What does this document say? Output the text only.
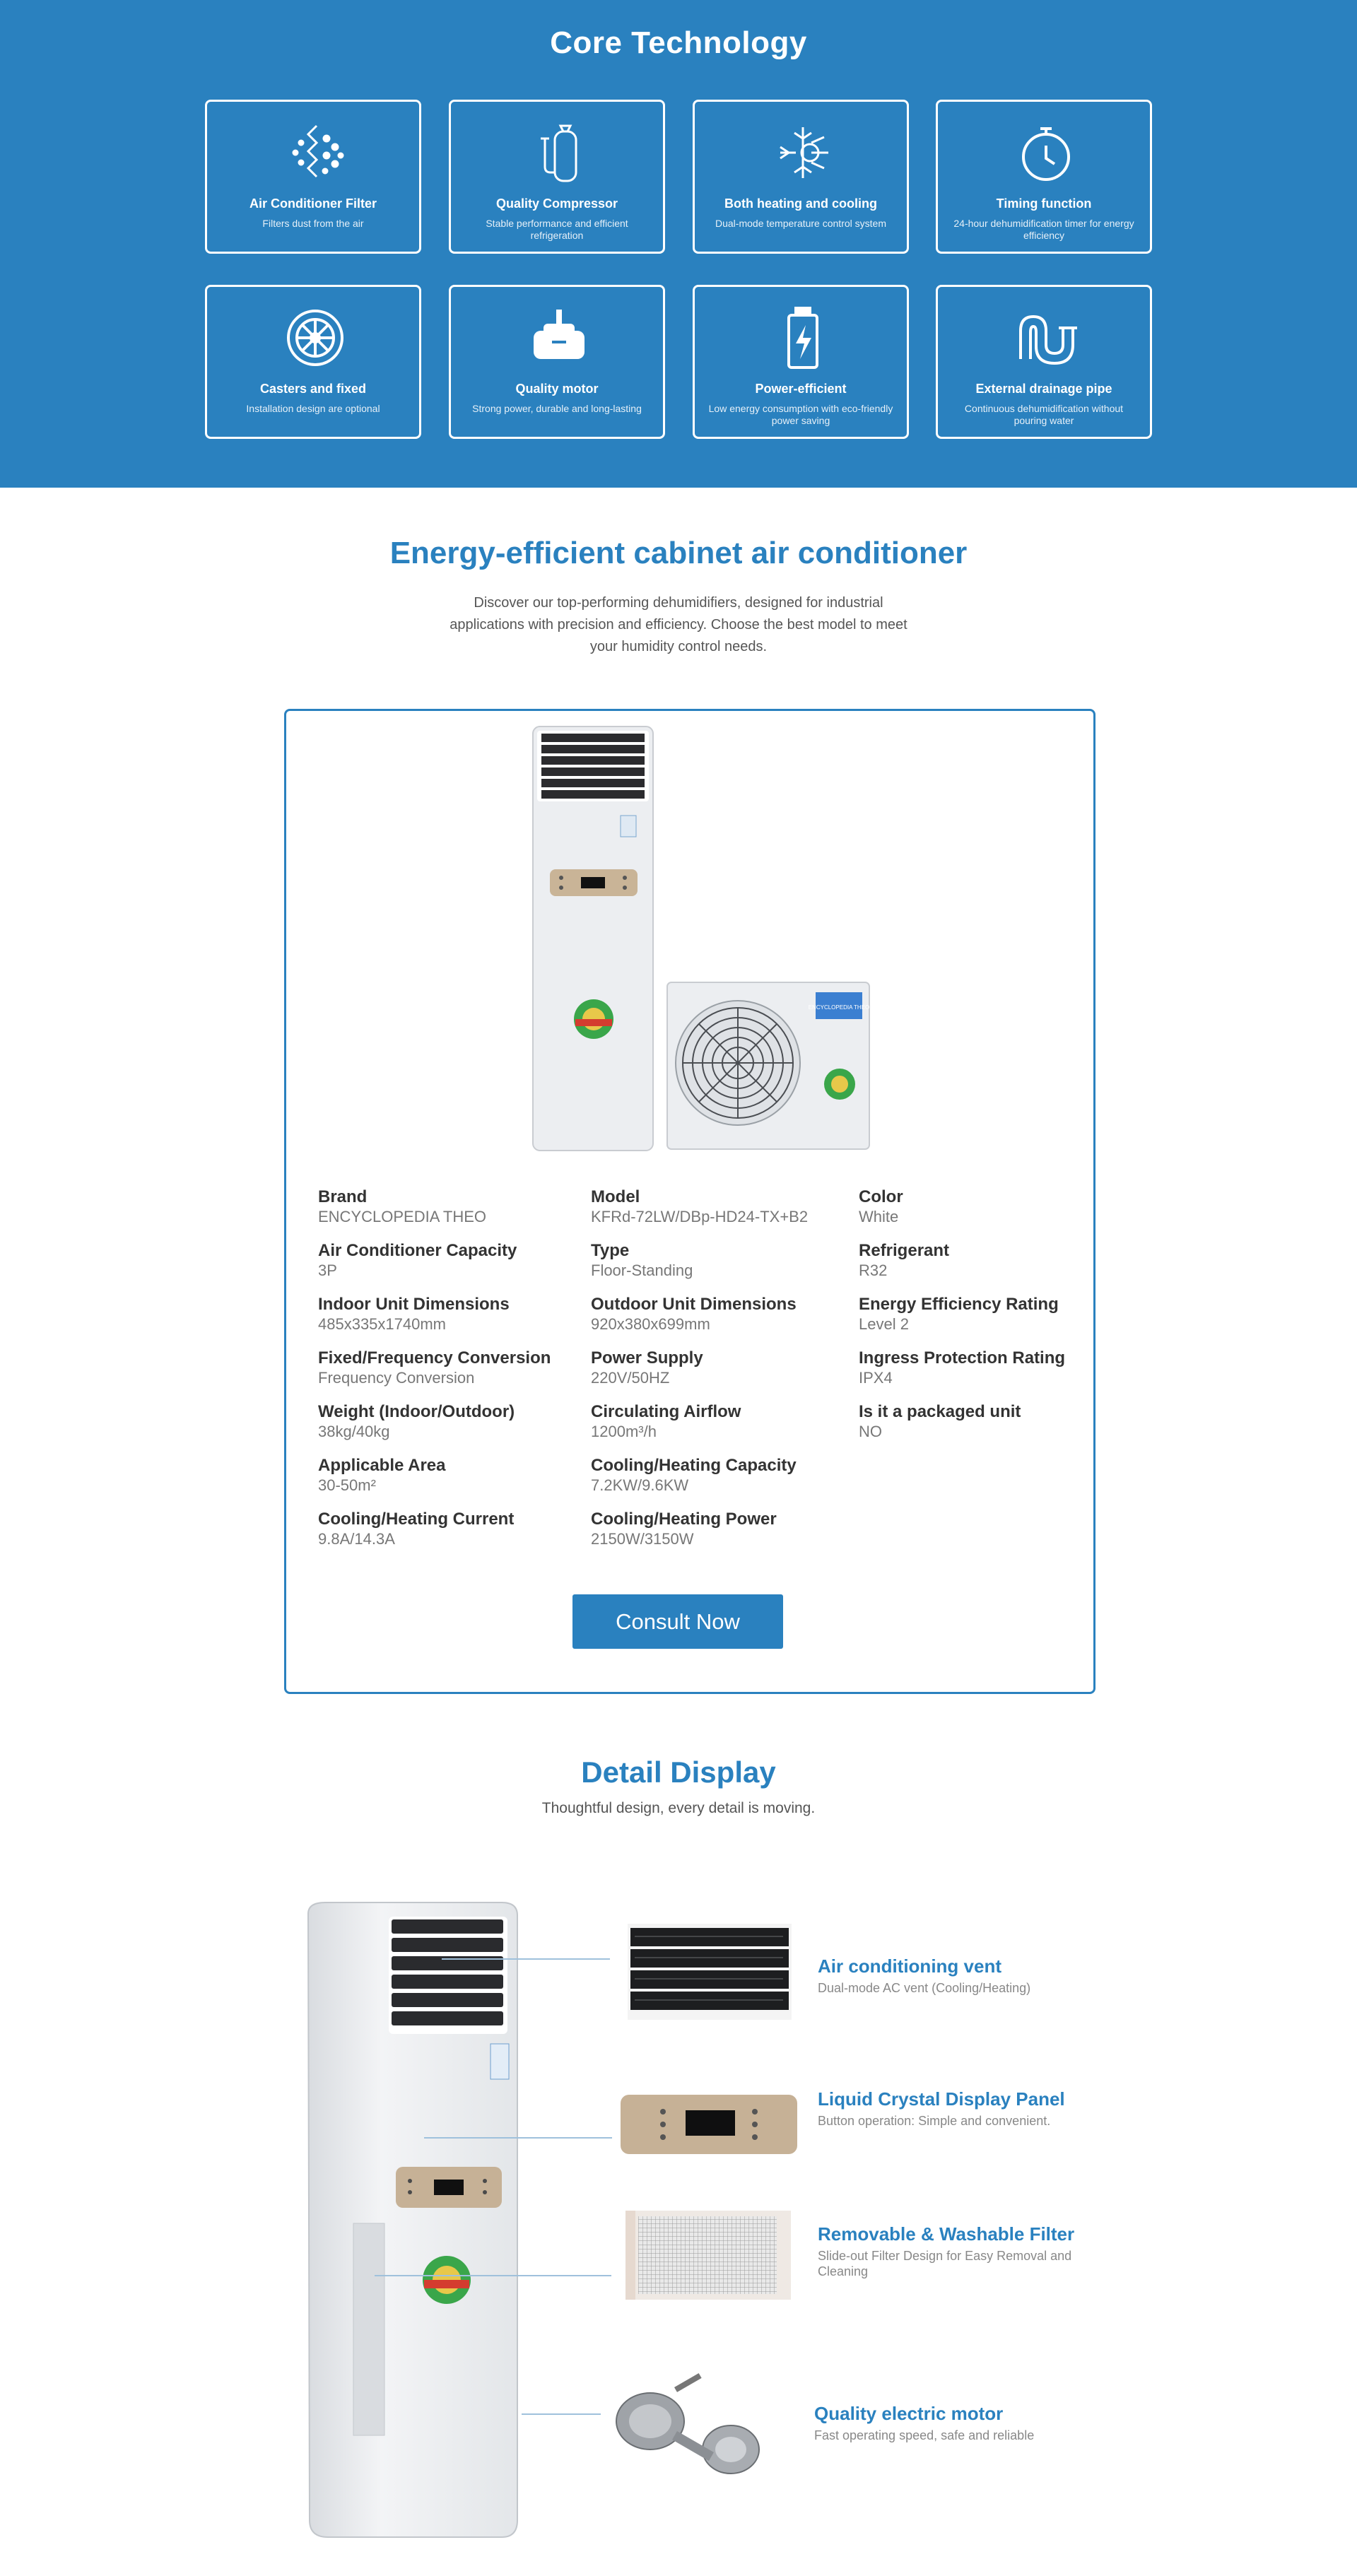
Core Technology
Air Conditioner Filter
Filters dust from the air
Quality Compressor
Stable performance and efficient refrigeration
Both heating and cooling
Dual-mode temperature control system
Timing function
24-hour dehumidification timer for energy efficiency
Casters and fixed
Installation design are optional
Quality motor
Strong power, durable and long-lasting
Power-efficient
Low energy consumption with eco-friendly power saving
External drainage pipe
Continuous dehumidification without pouring water
Energy-efficient cabinet air conditioner

Discover our top-performing dehumidifiers, designed for industrial applications with precision and efficiency. Choose the best model to meet your humidity control needs.

ENCYCLOPEDIA THEO
Brand
ENCYCLOPEDIA THEO
Model
KFRd-72LW/DBp-HD24-TX+B2
Color
White
Air Conditioner Capacity
3P
Type
Floor-Standing
Refrigerant
R32
Indoor Unit Dimensions
485x335x1740mm
Outdoor Unit Dimensions
920x380x699mm
Energy Efficiency Rating
Level 2
Fixed/Frequency Conversion
Frequency Conversion
Power Supply
220V/50HZ
Ingress Protection Rating
IPX4
Weight (Indoor/Outdoor)
38kg/40kg
Circulating Airflow
1200m³/h
Is it a packaged unit
NO
Applicable Area
30-50m²
Cooling/Heating Capacity
7.2KW/9.6KW
Cooling/Heating Current
9.8A/14.3A
Cooling/Heating Power
2150W/3150W
Consult Now
Detail Display

Thoughtful design, every detail is moving.

Air conditioning vent
Dual-mode AC vent (Cooling/Heating)
Liquid Crystal Display Panel
Button operation: Simple and convenient.
Removable & Washable Filter
Slide-out Filter Design for Easy Removal and Cleaning
Quality electric motor
Fast operating speed, safe and reliable
